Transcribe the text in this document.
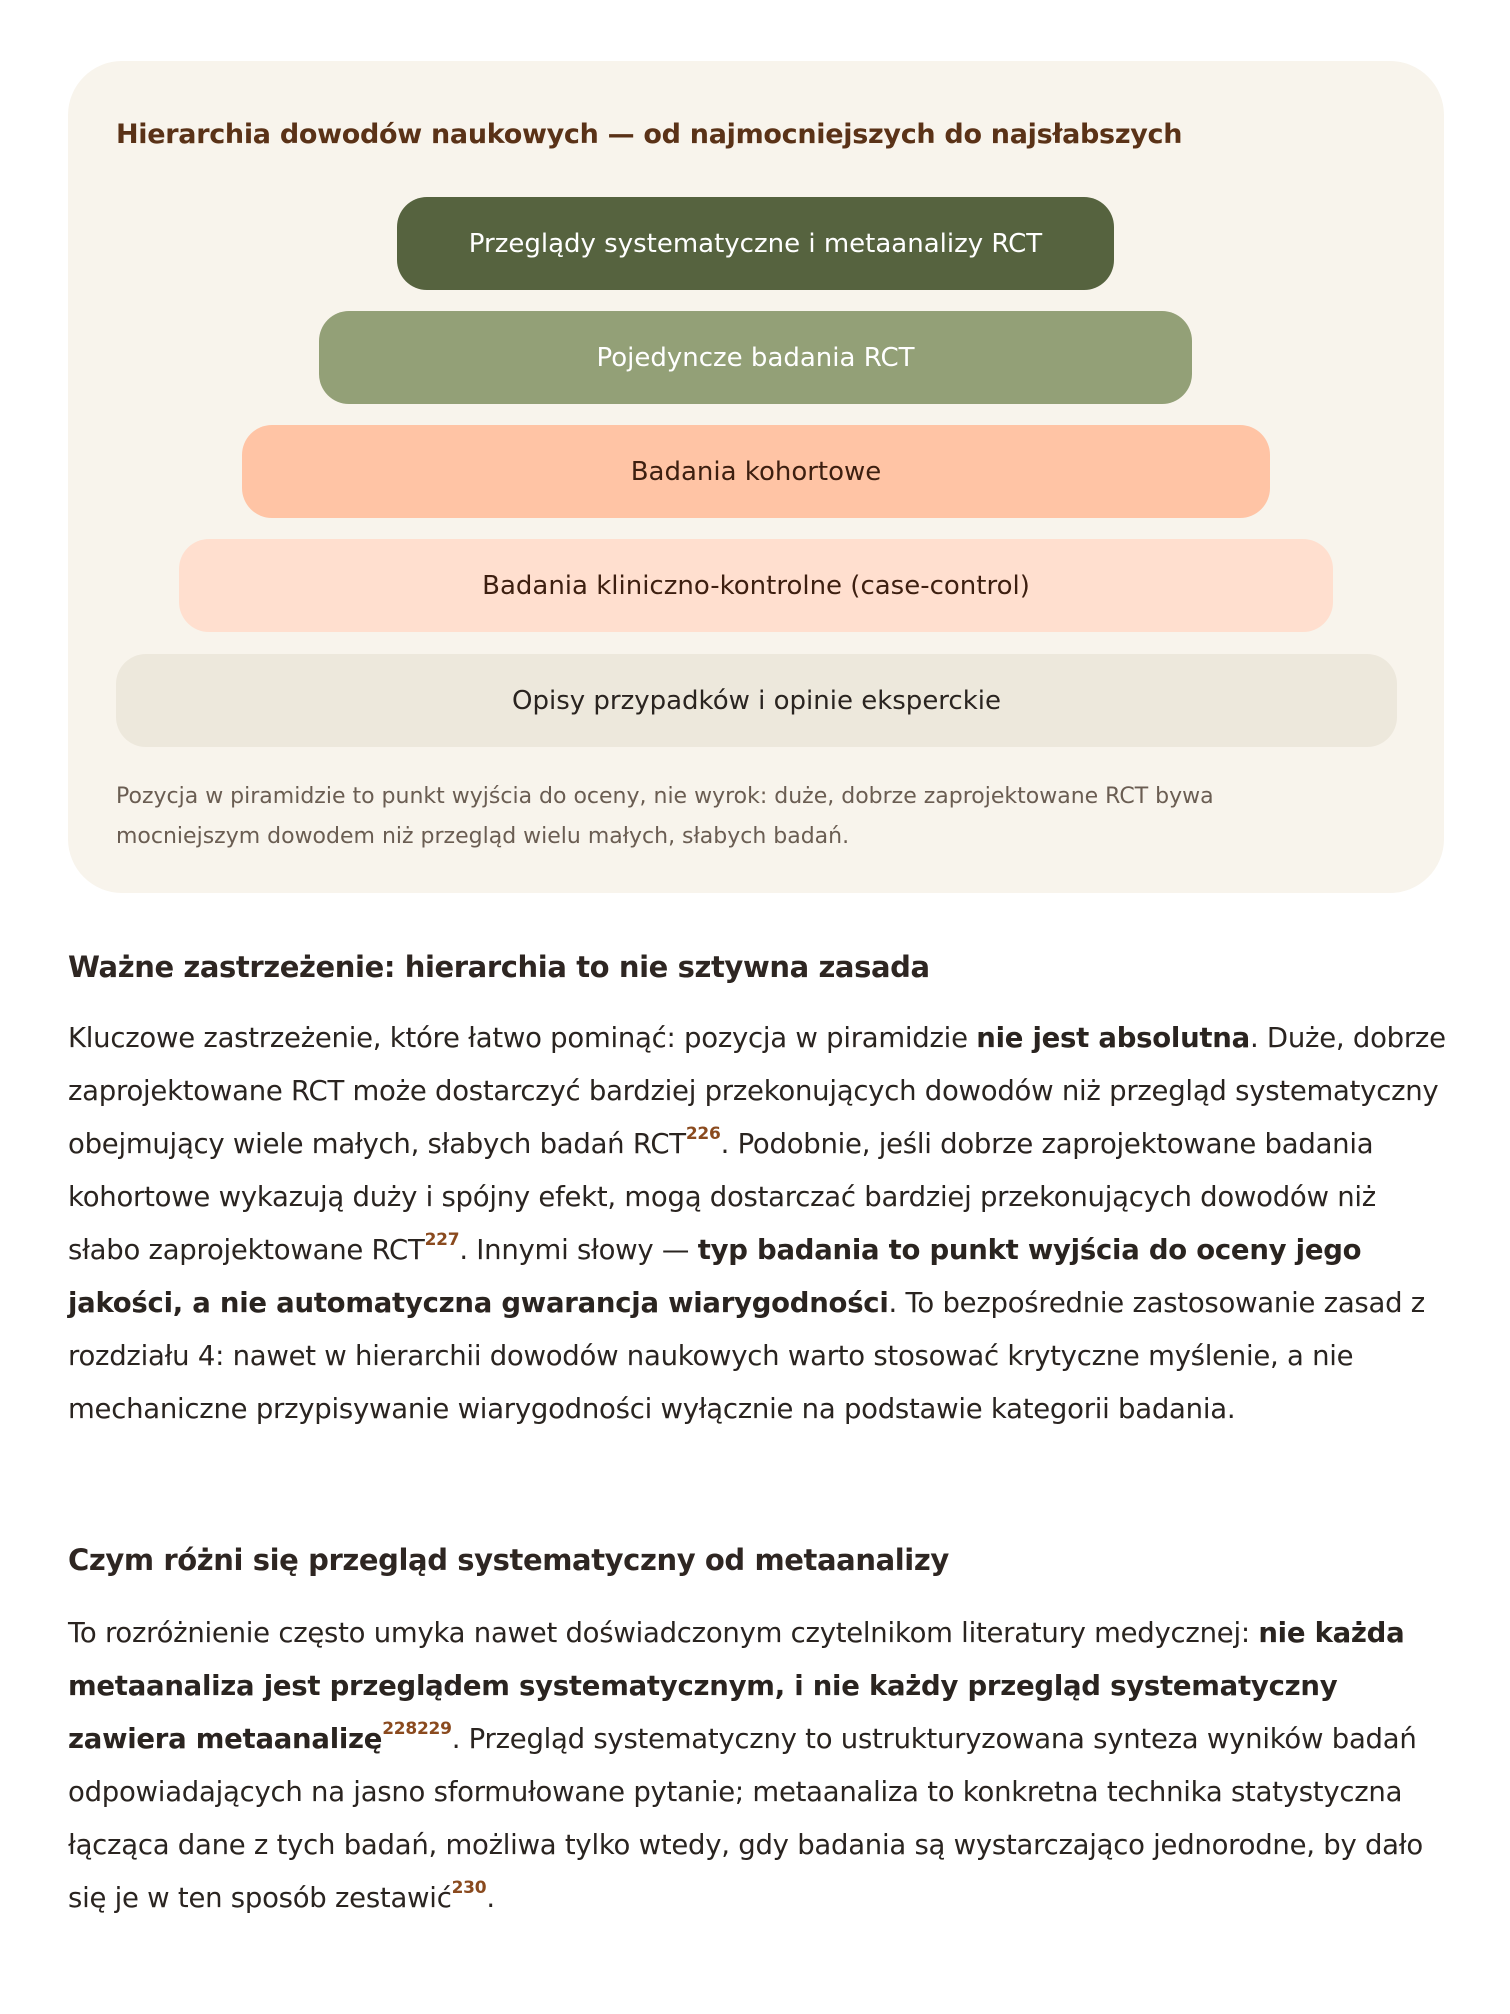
Hierarchia dowodów naukowych — od najmocniejszych do najsłabszych
Przeglądy systematyczne i metaanalizy RCT
Pojedyncze badania RCT
Badania kohortowe
Badania kliniczno-kontrolne (case-control)
Opisy przypadków i opinie eksperckie

Pozycja w piramidzie to punkt wyjścia do oceny, nie wyrok: duże, dobrze zaprojektowane RCT bywa mocniejszym dowodem niż przegląd wielu małych, słabych badań.

Ważne zastrzeżenie: hierarchia to nie sztywna zasada

Kluczowe zastrzeżenie, które łatwo pominąć: pozycja w piramidzie nie jest absolutna. Duże, dobrze zaprojektowane RCT może dostarczyć bardziej przekonujących dowodów niż przegląd systematyczny obejmujący wiele małych, słabych badań RCT$^{226}$. Podobnie, jeśli dobrze zaprojektowane badania kohortowe wykazują duży i spójny efekt, mogą dostarczać bardziej przekonujących dowodów niż słabo zaprojektowane RCT$^{227}$. Innymi słowy — typ badania to punkt wyjścia do oceny jego jakości, a nie automatyczna gwarancja wiarygodności. To bezpośrednie zastosowanie zasad z rozdziału 4: nawet w hierarchii dowodów naukowych warto stosować krytyczne myślenie, a nie mechaniczne przypisywanie wiarygodności wyłącznie na podstawie kategorii badania.

Czym różni się przegląd systematyczny od metaanalizy

To rozróżnienie często umyka nawet doświadczonym czytelnikom literatury medycznej: nie każda metaanaliza jest przeglądem systematycznym, i nie każdy przegląd systematyczny zawiera metaanalizę$^{228229}$. Przegląd systematyczny to ustrukturyzowana synteza wyników badań odpowiadających na jasno sformułowane pytanie; metaanaliza to konkretna technika statystyczna łącząca dane z tych badań, możliwa tylko wtedy, gdy badania są wystarczająco jednorodne, by dało się je w ten sposób zestawić$^{230}$.
